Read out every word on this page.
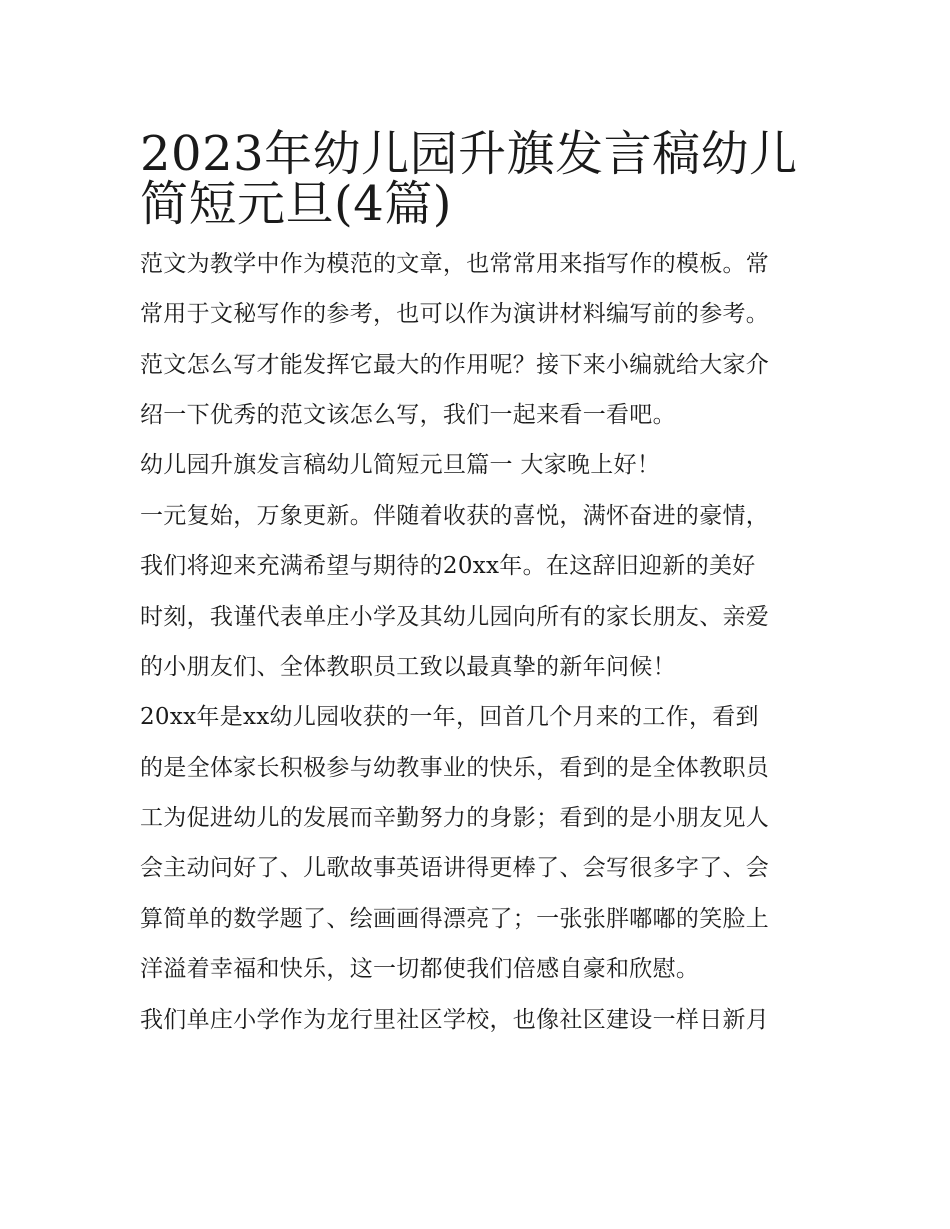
2023年幼儿园升旗发言稿幼儿
简短元旦(4篇)

范文为教学中作为模范的文章，也常常用来指写作的模板。常
常用于文秘写作的参考，也可以作为演讲材料编写前的参考。
范文怎么写才能发挥它最大的作用呢？接下来小编就给大家介
绍一下优秀的范文该怎么写，我们一起来看一看吧。

幼儿园升旗发言稿幼儿简短元旦篇一 大家晚上好！

一元复始，万象更新。伴随着收获的喜悦，满怀奋进的豪情，
我们将迎来充满希望与期待的20xx年。在这辞旧迎新的美好
时刻，我谨代表单庄小学及其幼儿园向所有的家长朋友、亲爱
的小朋友们、全体教职员工致以最真挚的新年问候！

20xx年是xx幼儿园收获的一年，回首几个月来的工作，看到
的是全体家长积极参与幼教事业的快乐，看到的是全体教职员
工为促进幼儿的发展而辛勤努力的身影；看到的是小朋友见人
会主动问好了、儿歌故事英语讲得更棒了、会写很多字了、会
算简单的数学题了、绘画画得漂亮了；一张张胖嘟嘟的笑脸上
洋溢着幸福和快乐，这一切都使我们倍感自豪和欣慰。

我们单庄小学作为龙行里社区学校，也像社区建设一样日新月
